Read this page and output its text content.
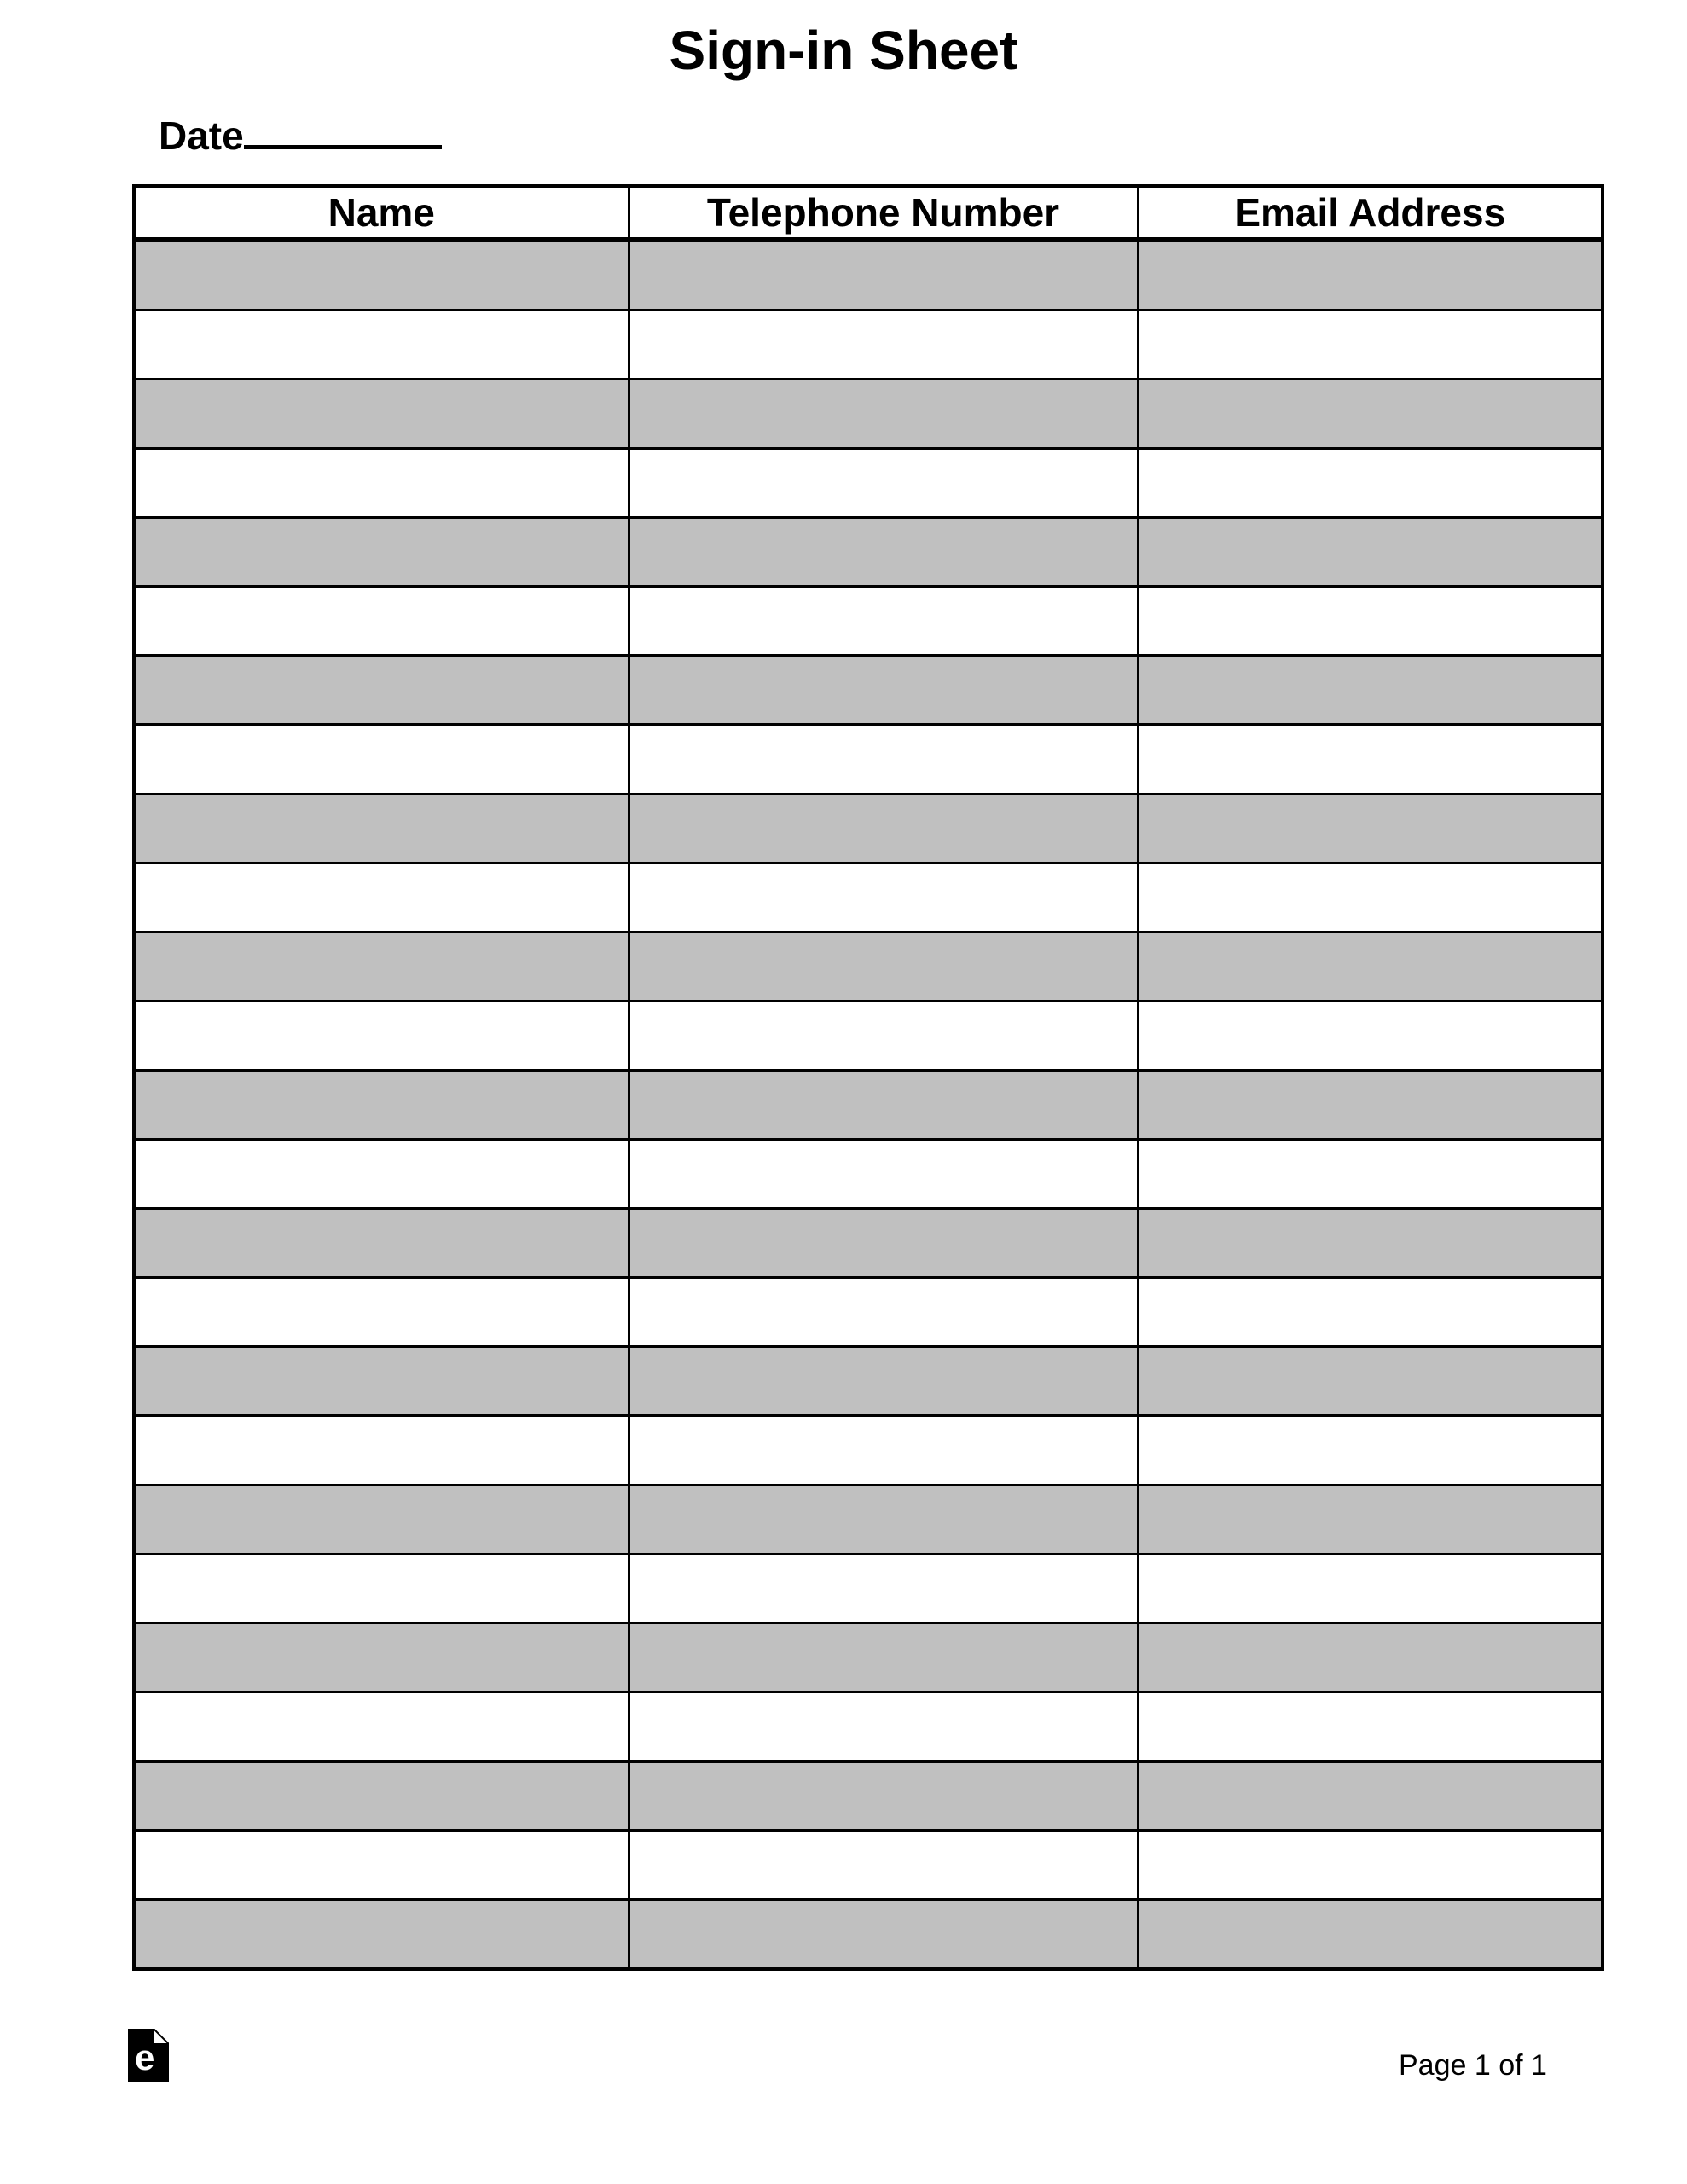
Sign-in Sheet
Date
Name	Telephone Number	Email Address

e	Page 1 of 1
